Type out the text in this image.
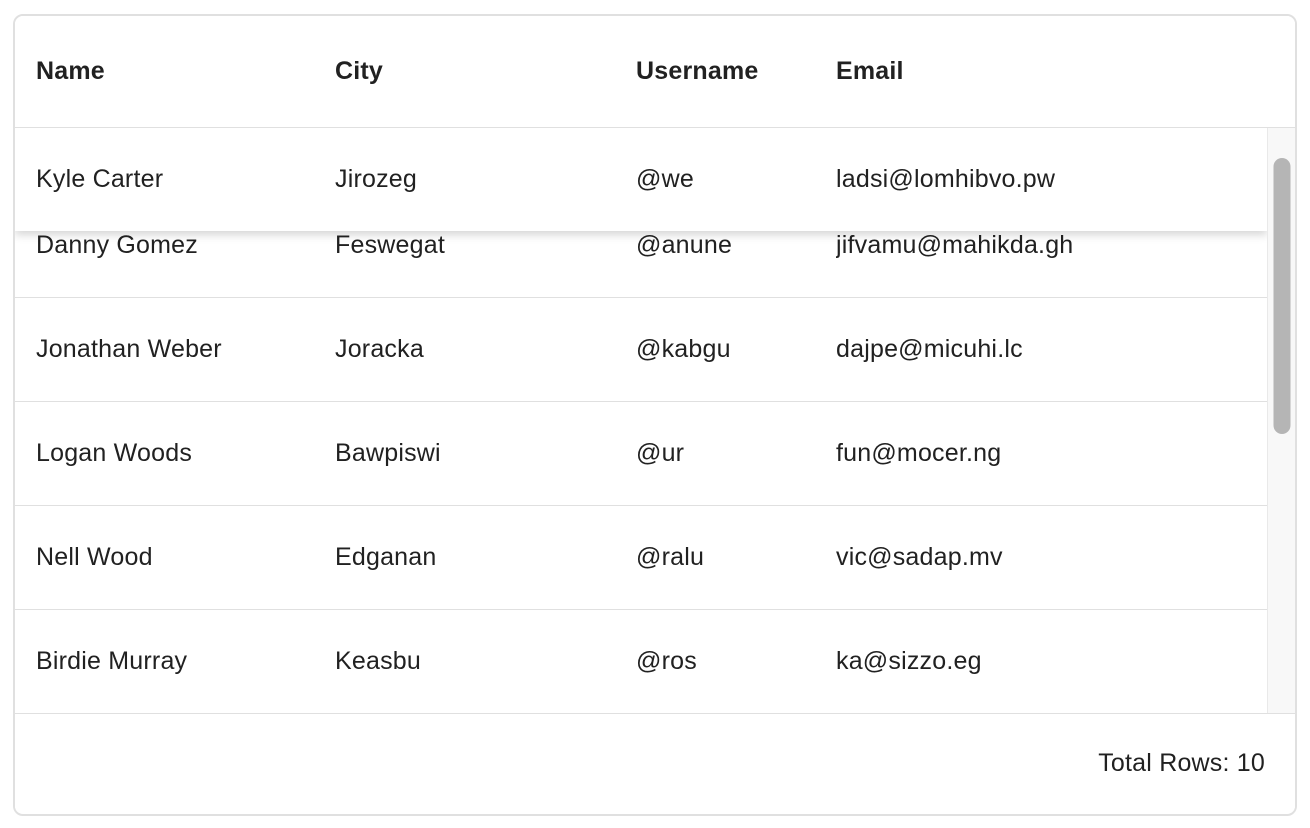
Name	City	Username	Email
Danny Gomez	Feswegat	@anune	jifvamu@mahikda.gh
Jonathan Weber	Joracka	@kabgu	dajpe@micuhi.lc
Logan Woods	Bawpiswi	@ur	fun@mocer.ng
Nell Wood	Edganan	@ralu	vic@sadap.mv
Birdie Murray	Keasbu	@ros	ka@sizzo.eg
Kyle Carter	Jirozeg	@we	ladsi@lomhibvo.pw
Total Rows: 10
